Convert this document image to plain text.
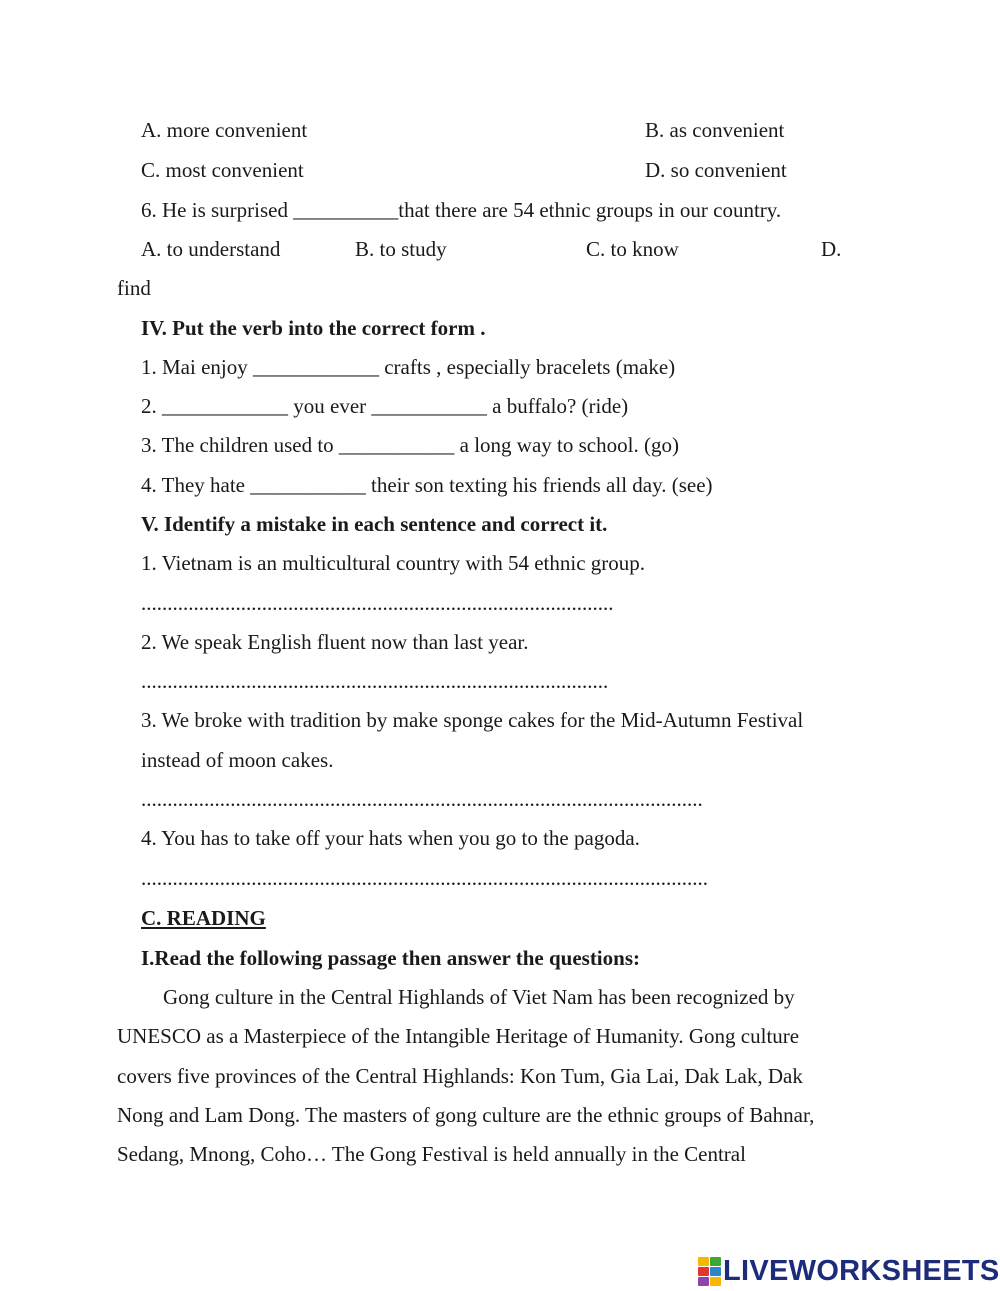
A. more convenient	B. as convenient
C. most convenient	D. so convenient
6. He is surprised __________that there are 54 ethnic groups in our country.
A. to understand	B. to study	C. to know	D.
find
IV. Put the verb into the correct form .
1. Mai enjoy ____________ crafts , especially bracelets (make)
2. ____________ you ever ___________ a buffalo? (ride)
3. The children used to ___________ a long way to school. (go)
4. They hate ___________ their son texting his friends all day. (see)
V. Identify a mistake in each sentence and correct it.
1. Vietnam is an multicultural country with 54 ethnic group.
..........................................................................................
2. We speak English fluent now than last year.
.........................................................................................
3. We broke with tradition by make sponge cakes for the Mid-Autumn Festival
instead of moon cakes.
...........................................................................................................
4. You has to take off your hats when you go to the pagoda.
............................................................................................................
C. READING
I.Read the following passage then answer the questions:
Gong culture in the Central Highlands of Viet Nam has been recognized by
UNESCO as a Masterpiece of the Intangible Heritage of Humanity. Gong culture
covers five provinces of the Central Highlands: Kon Tum, Gia Lai, Dak Lak, Dak
Nong and Lam Dong. The masters of gong culture are the ethnic groups of Bahnar,
Sedang, Mnong, Coho… The Gong Festival is held annually in the Central
LIVEWORKSHEETS
